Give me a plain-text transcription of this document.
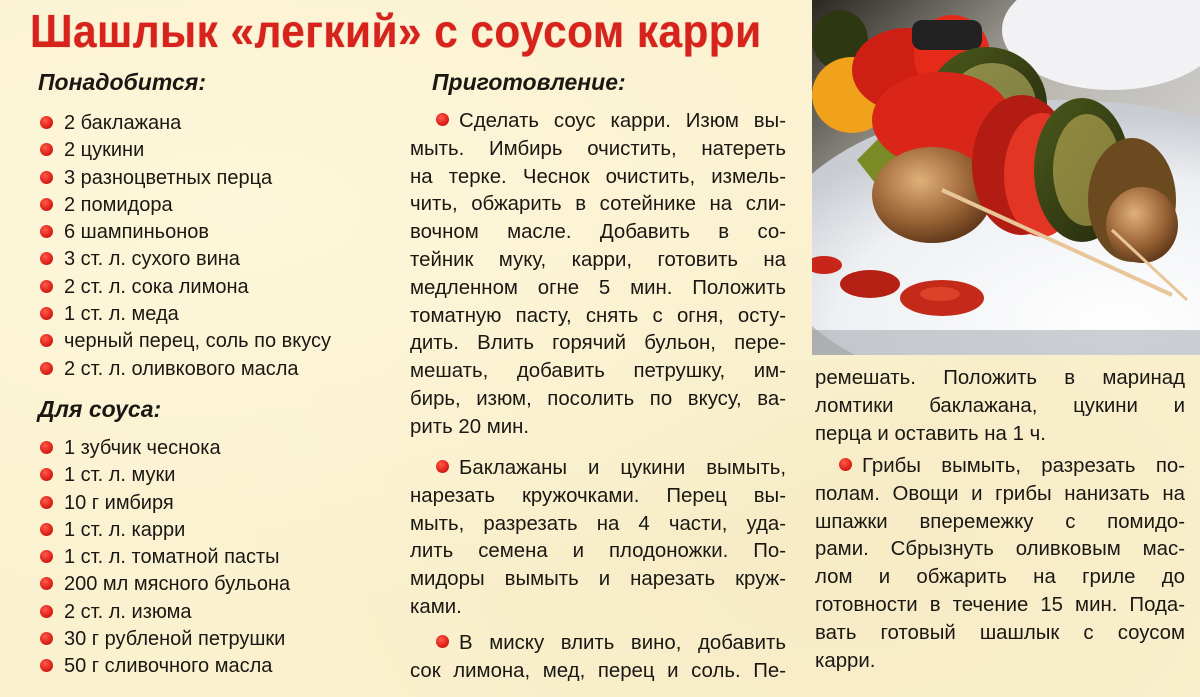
Шашлык «легкий» с соусом карри
Понадобится:
2 баклажана
2 цукини
3 разноцветных перца
2 помидора
6 шампиньонов
3 ст. л. сухого вина
2 ст. л. сока лимона
1 ст. л. меда
черный перец, соль по вкусу
2 ст. л. оливкового масла
Для соуса:
1 зубчик чеснока
1 ст. л. муки
10 г имбиря
1 ст. л. карри
1 ст. л. томатной пасты
200 мл мясного бульона
2 ст. л. изюма
30 г рубленой петрушки
50 г сливочного масла
Приготовление:
Сделать соус карри. Изюм вы-
мыть. Имбирь очистить, натереть
на терке. Чеснок очистить, измель-
чить, обжарить в сотейнике на сли-
вочном масле. Добавить в со-
тейник муку, карри, готовить на
медленном огне 5 мин. Положить
томатную пасту, снять с огня, осту-
дить. Влить горячий бульон, пере-
мешать, добавить петрушку, им-
бирь, изюм, посолить по вкусу, ва-
рить 20 мин.
Баклажаны и цукини вымыть,
нарезать кружочками. Перец вы-
мыть, разрезать на 4 части, уда-
лить семена и плодоножки. По-
мидоры вымыть и нарезать круж-
ками.
В миску влить вино, добавить
сок лимона, мед, перец и соль. Пе-
ремешать. Положить в маринад
ломтики баклажана, цукини и
перца и оставить на 1 ч.
Грибы вымыть, разрезать по-
полам. Овощи и грибы нанизать на
шпажки вперемежку с помидо-
рами. Сбрызнуть оливковым мас-
лом и обжарить на гриле до
готовности в течение 15 мин. Пода-
вать готовый шашлык с соусом
карри.
